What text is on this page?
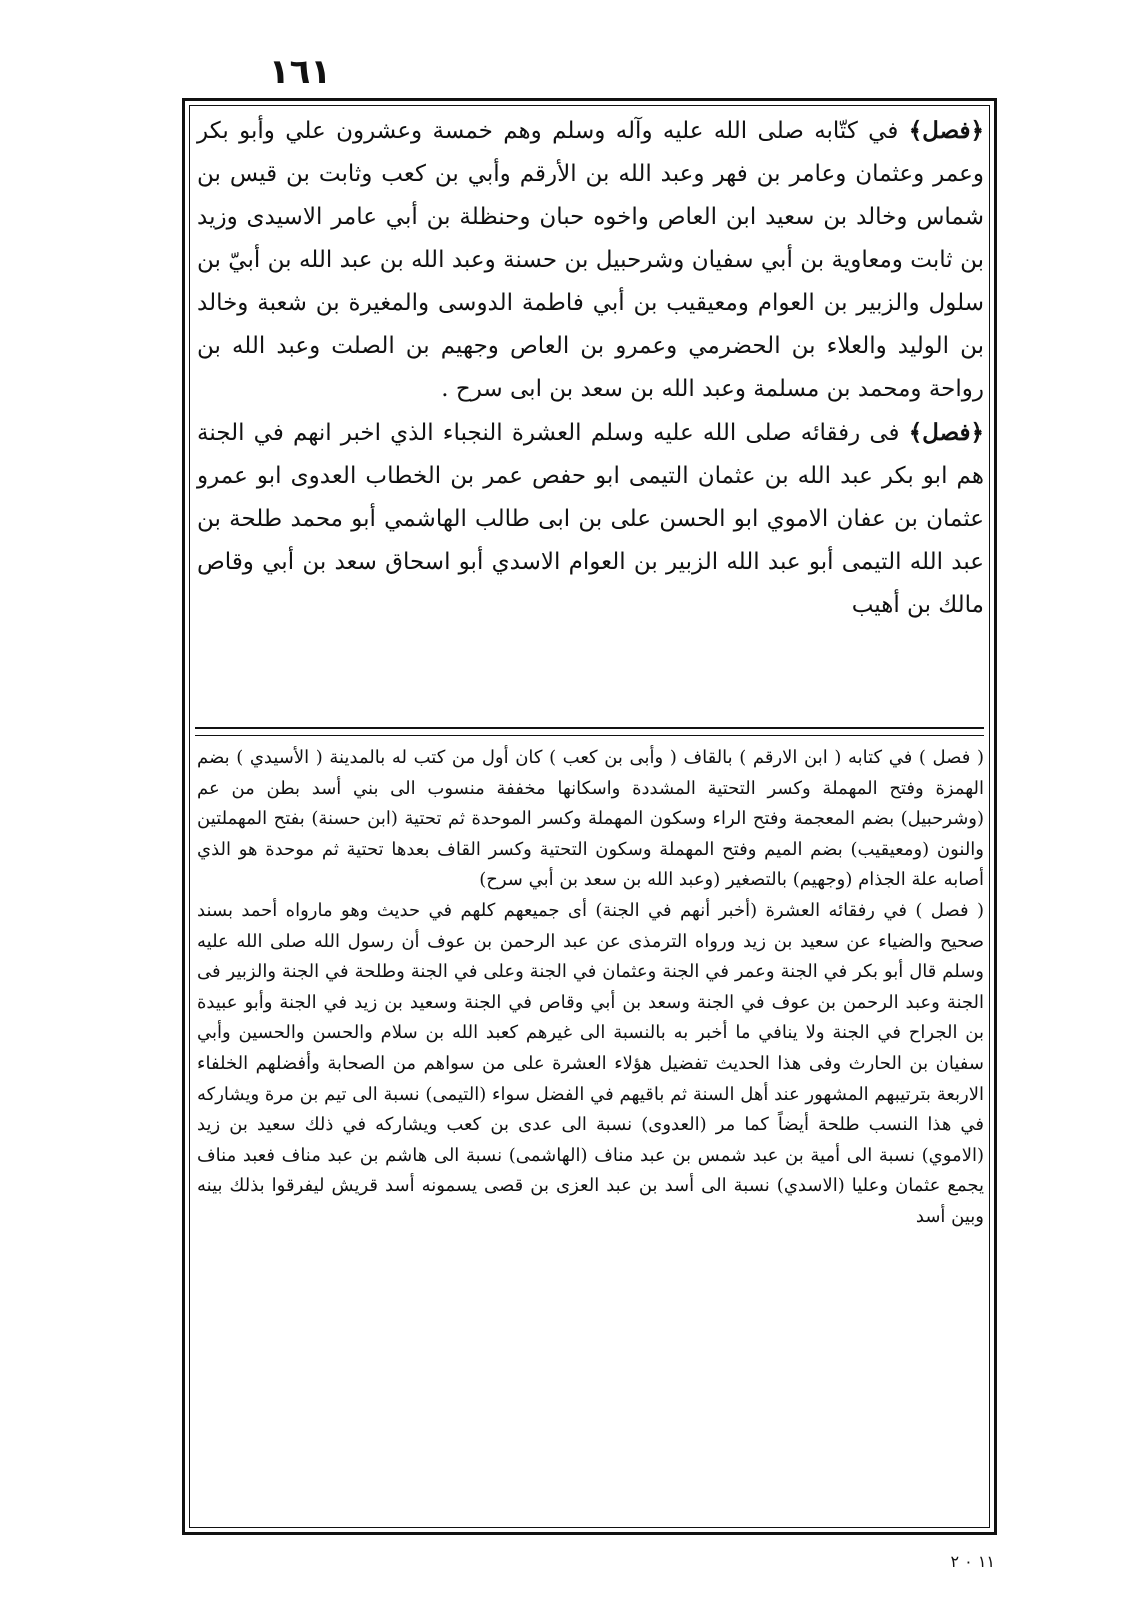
١٦١

﴿فصل﴾ في كتّابه صلى الله عليه وآله وسلم وهم خمسة وعشرون علي وأبو بكر وعمر وعثمان وعامر بن فهر وعبد الله بن الأرقم وأبي بن كعب وثابت بن قيس بن شماس وخالد بن سعيد ابن العاص واخوه حبان وحنظلة بن أبي عامر الاسيدى وزيد بن ثابت ومعاوية بن أبي سفيان وشرحبيل بن حسنة وعبد الله بن عبد الله بن أبيّ بن سلول والزبير بن العوام ومعيقيب بن أبي فاطمة الدوسى والمغيرة بن شعبة وخالد بن الوليد والعلاء بن الحضرمي وعمرو بن العاص وجهيم بن الصلت وعبد الله بن رواحة ومحمد بن مسلمة وعبد الله بن سعد بن ابى سرح .

﴿فصل﴾ فى رفقائه صلى الله عليه وسلم العشرة النجباء الذي اخبر انهم في الجنة هم ابو بكر عبد الله بن عثمان التيمى ابو حفص عمر بن الخطاب العدوى ابو عمرو عثمان بن عفان الاموي ابو الحسن على بن ابى طالب الهاشمي أبو محمد طلحة بن عبد الله التيمى أبو عبد الله الزبير بن العوام الاسدي أبو اسحاق سعد بن أبي وقاص مالك بن أهيب

( فصل ) في كتابه ( ابن الارقم ) بالقاف ( وأبى بن كعب ) كان أول من كتب له بالمدينة ( الأسيدي ) بضم الهمزة وفتح المهملة وكسر التحتية المشددة واسكانها مخففة منسوب الى بني أسد بطن من عم (وشرحبيل) بضم المعجمة وفتح الراء وسكون المهملة وكسر الموحدة ثم تحتية (ابن حسنة) بفتح المهملتين والنون (ومعيقيب) بضم الميم وفتح المهملة وسكون التحتية وكسر القاف بعدها تحتية ثم موحدة هو الذي أصابه علة الجذام (وجهيم) بالتصغير (وعبد الله بن سعد بن أبي سرح)

( فصل ) في رفقائه العشرة (أخبر أنهم في الجنة) أى جميعهم كلهم في حديث وهو مارواه أحمد بسند صحيح والضياء عن سعيد بن زيد ورواه الترمذى عن عبد الرحمن بن عوف أن رسول الله صلى الله عليه وسلم قال أبو بكر في الجنة وعمر في الجنة وعثمان في الجنة وعلى في الجنة وطلحة في الجنة والزبير فى الجنة وعبد الرحمن بن عوف في الجنة وسعد بن أبي وقاص في الجنة وسعيد بن زيد في الجنة وأبو عبيدة بن الجراح في الجنة ولا ينافي ما أخبر به بالنسبة الى غيرهم كعبد الله بن سلام والحسن والحسين وأبي سفيان بن الحارث وفى هذا الحديث تفضيل هؤلاء العشرة على من سواهم من الصحابة وأفضلهم الخلفاء الاربعة بترتيبهم المشهور عند أهل السنة ثم باقيهم في الفضل سواء (التيمى) نسبة الى تيم بن مرة ويشاركه في هذا النسب طلحة أيضاً كما مر (العدوى) نسبة الى عدى بن كعب ويشاركه في ذلك سعيد بن زيد (الاموي) نسبة الى أمية بن عبد شمس بن عبد مناف (الهاشمى) نسبة الى هاشم بن عبد مناف فعبد مناف يجمع عثمان وعليا (الاسدي) نسبة الى أسد بن عبد العزى بن قصى يسمونه أسد قريش ليفرقوا بذلك بينه وبين أسد

١١ ٠ ٢
